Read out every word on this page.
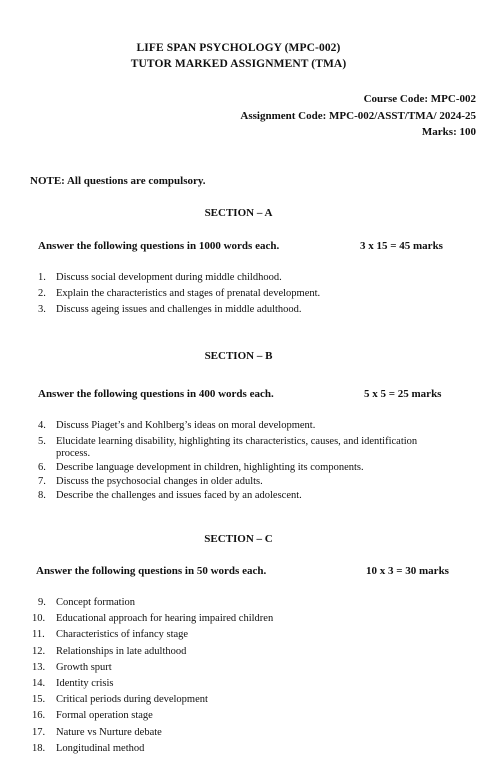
LIFE SPAN PSYCHOLOGY (MPC-002)
TUTOR MARKED ASSIGNMENT (TMA)
Course Code: MPC-002
Assignment Code: MPC-002/ASST/TMA/ 2024-25
Marks: 100
NOTE: All questions are compulsory.
SECTION – A
Answer the following questions in 1000 words each.	3 x 15 = 45 marks
1. Discuss social development during middle childhood.
2. Explain the characteristics and stages of prenatal development.
3. Discuss ageing issues and challenges in middle adulthood.
SECTION – B
Answer the following questions in 400 words each.	5 x 5 = 25 marks
4. Discuss Piaget’s and Kohlberg’s ideas on moral development.
5. Elucidate learning disability, highlighting its characteristics, causes, and identification
process.
6. Describe language development in children, highlighting its components.
7. Discuss the psychosocial changes in older adults.
8. Describe the challenges and issues faced by an adolescent.
SECTION – C
Answer the following questions in 50 words each.	10 x 3 = 30 marks
9. Concept formation
10. Educational approach for hearing impaired children
11. Characteristics of infancy stage
12. Relationships in late adulthood
13. Growth spurt
14. Identity crisis
15. Critical periods during development
16. Formal operation stage
17. Nature vs Nurture debate
18. Longitudinal method
